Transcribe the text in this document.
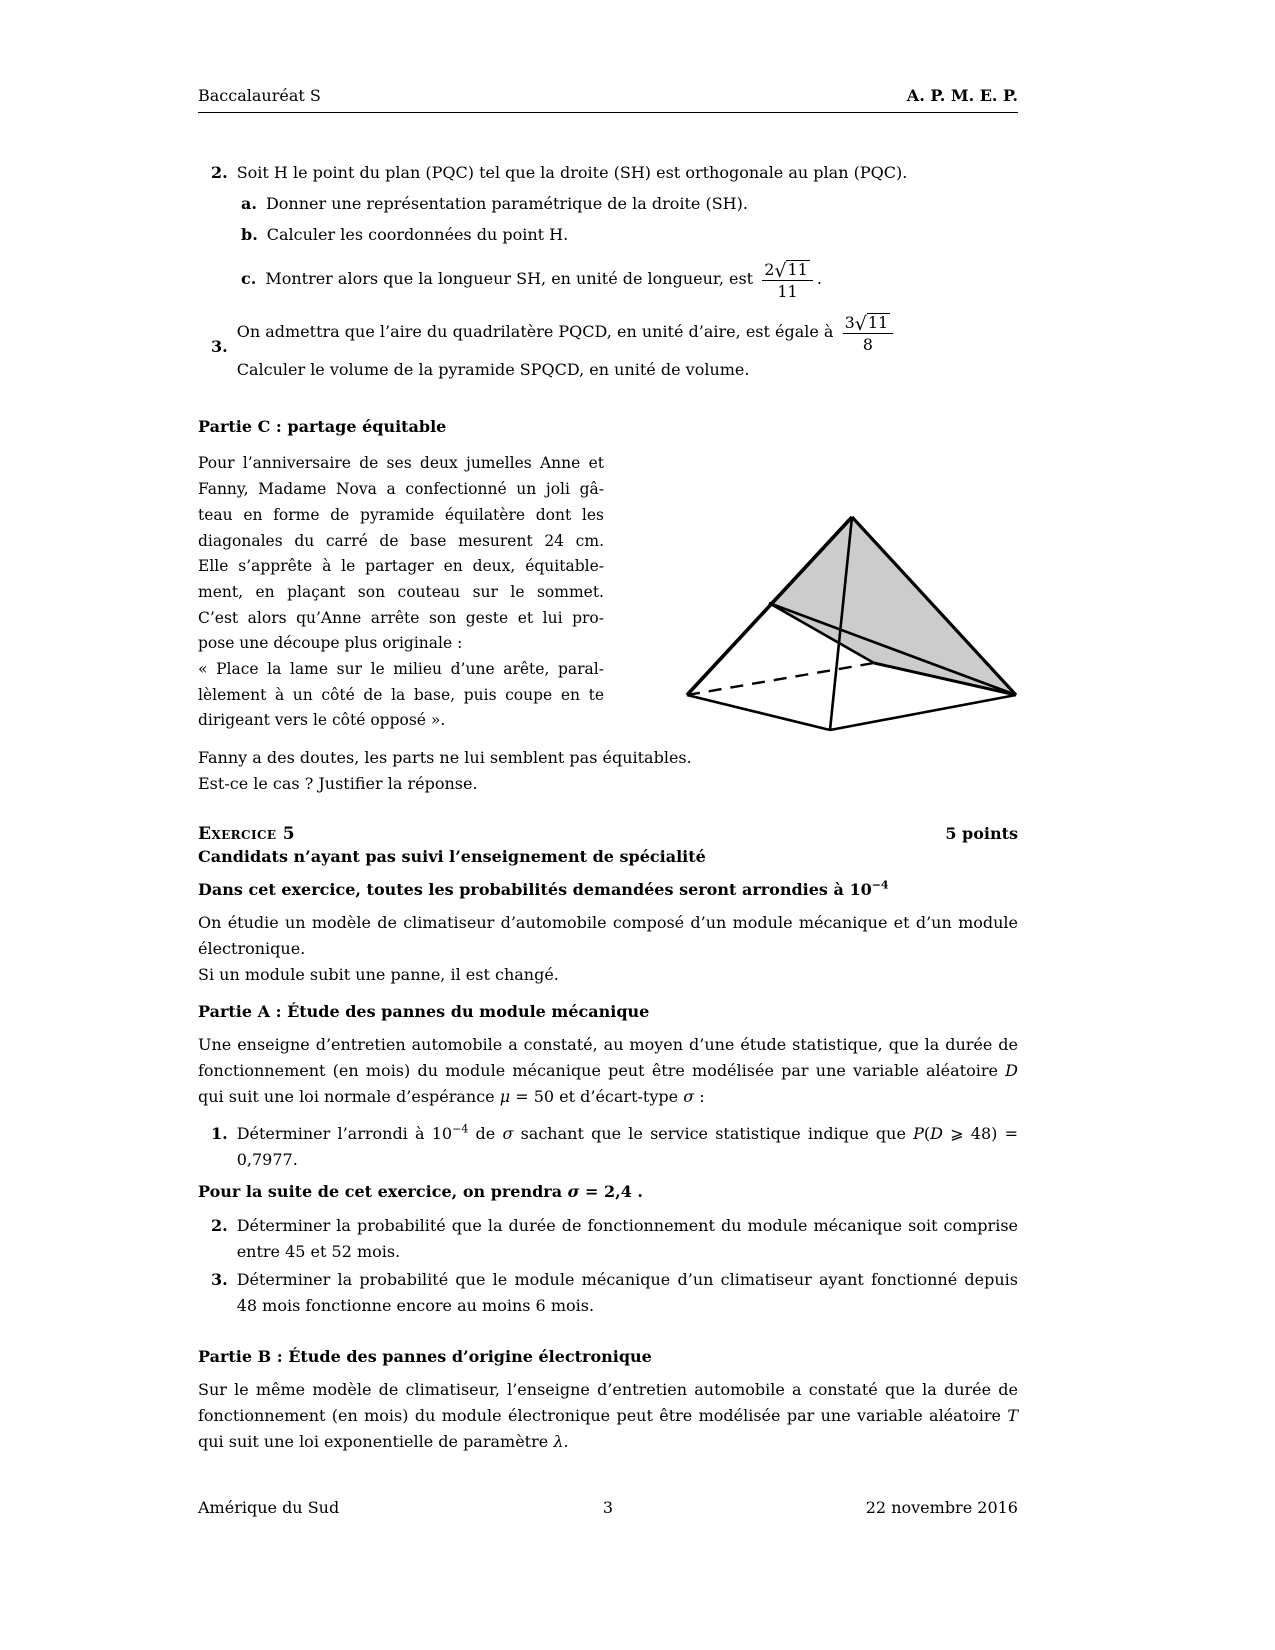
Baccalauréat S	A. P. M. E. P.
2. Soit H le point du plan (PQC) tel que la droite (SH) est orthogonale au plan (PQC).
a. Donner une représentation paramétrique de la droite (SH).
b. Calculer les coordonnées du point H.
c. Montrer alors que la longueur SH, en unité de longueur, est $\frac{2 √ 11}{11}$ .
3.
On admettra que l’aire du quadrilatère PQCD, en unité d’aire, est égale à $\frac{3 √ 11}{8}$
Calculer le volume de la pyramide SPQCD, en unité de volume.
Partie C : partage équitable
Pour l’anniversaire de ses deux jumelles Anne et
Fanny, Madame Nova a confectionné un joli gâ-
teau en forme de pyramide équilatère dont les
diagonales du carré de base mesurent 24 cm.
Elle s’apprête à le partager en deux, équitable-
ment, en plaçant son couteau sur le sommet.
C’est alors qu’Anne arrête son geste et lui pro-
pose une découpe plus originale :
« Place la lame sur le milieu d’une arête, paral-
lèlement à un côté de la base, puis coupe en te
dirigeant vers le côté opposé ».
Fanny a des doutes, les parts ne lui semblent pas équitables.
Est-ce le cas ? Justifier la réponse.
Exercice 5	5 points
Candidats n’ayant pas suivi l’enseignement de spécialité
Dans cet exercice, toutes les probabilités demandées seront arrondies à $10^{-4}$
On étudie un modèle de climatiseur d’automobile composé d’un module mécanique et d’un module électronique.
Si un module subit une panne, il est changé.
Partie A : Étude des pannes du module mécanique
Une enseigne d’entretien automobile a constaté, au moyen d’une étude statistique, que la durée de fonctionnement (en mois) du module mécanique peut être modélisée par une variable aléatoire D qui suit une loi normale d’espérance μ = 50 et d’écart-type σ :
1. Déterminer l’arrondi à $10^{-4}$ de σ sachant que le service statistique indique que P(D ⩾ 48) = 0,7977.
Pour la suite de cet exercice, on prendra σ = 2,4 .
2. Déterminer la probabilité que la durée de fonctionnement du module mécanique soit comprise entre 45 et 52 mois.
3. Déterminer la probabilité que le module mécanique d’un climatiseur ayant fonctionné depuis 48 mois fonctionne encore au moins 6 mois.
Partie B : Étude des pannes d’origine électronique
Sur le même modèle de climatiseur, l’enseigne d’entretien automobile a constaté que la durée de fonctionnement (en mois) du module électronique peut être modélisée par une variable aléatoire T qui suit une loi exponentielle de paramètre λ.
Amérique du Sud	3	22 novembre 2016
